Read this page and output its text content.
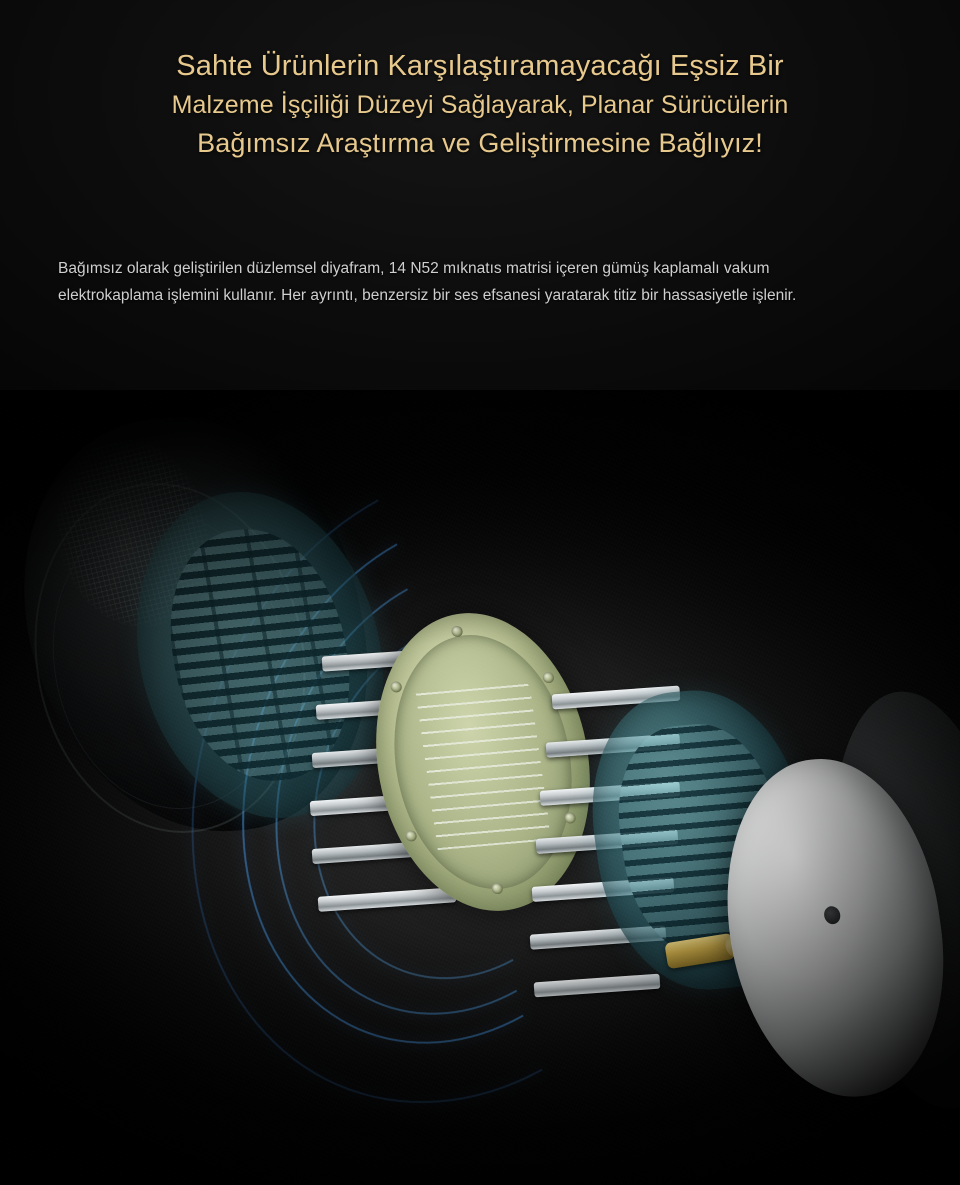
Sahte Ürünlerin Karşılaştıramayacağı Eşsiz Bir
Malzeme İşçiliği Düzeyi Sağlayarak, Planar Sürücülerin
Bağımsız Araştırma ve Geliştirmesine Bağlıyız!

Bağımsız olarak geliştirilen düzlemsel diyafram, 14 N52 mıknatıs matrisi içeren gümüş kaplamalı vakum elektrokaplama işlemini kullanır. Her ayrıntı, benzersiz bir ses efsanesi yaratarak titiz bir hassasiyetle işlenir.
